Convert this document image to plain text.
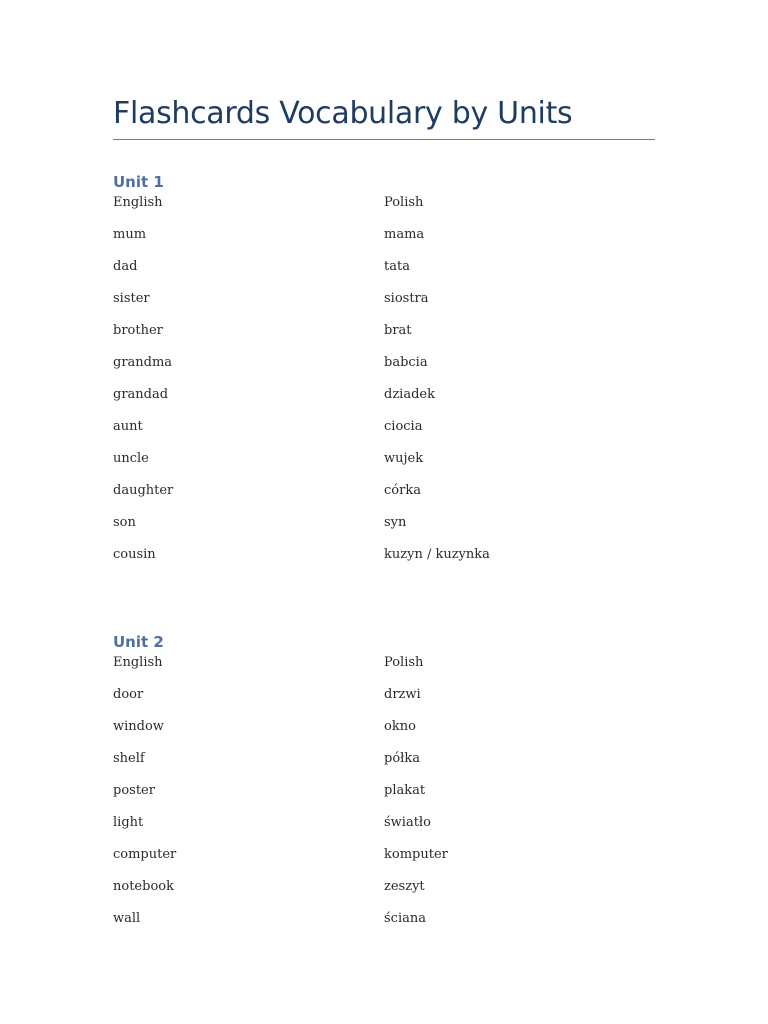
Flashcards Vocabulary by Units
Unit 1
English	Polish
mum	mama
dad	tata
sister	siostra
brother	brat
grandma	babcia
grandad	dziadek
aunt	ciocia
uncle	wujek
daughter	córka
son	syn
cousin	kuzyn / kuzynka
Unit 2
English	Polish
door	drzwi
window	okno
shelf	półka
poster	plakat
light	światło
computer	komputer
notebook	zeszyt
wall	ściana
